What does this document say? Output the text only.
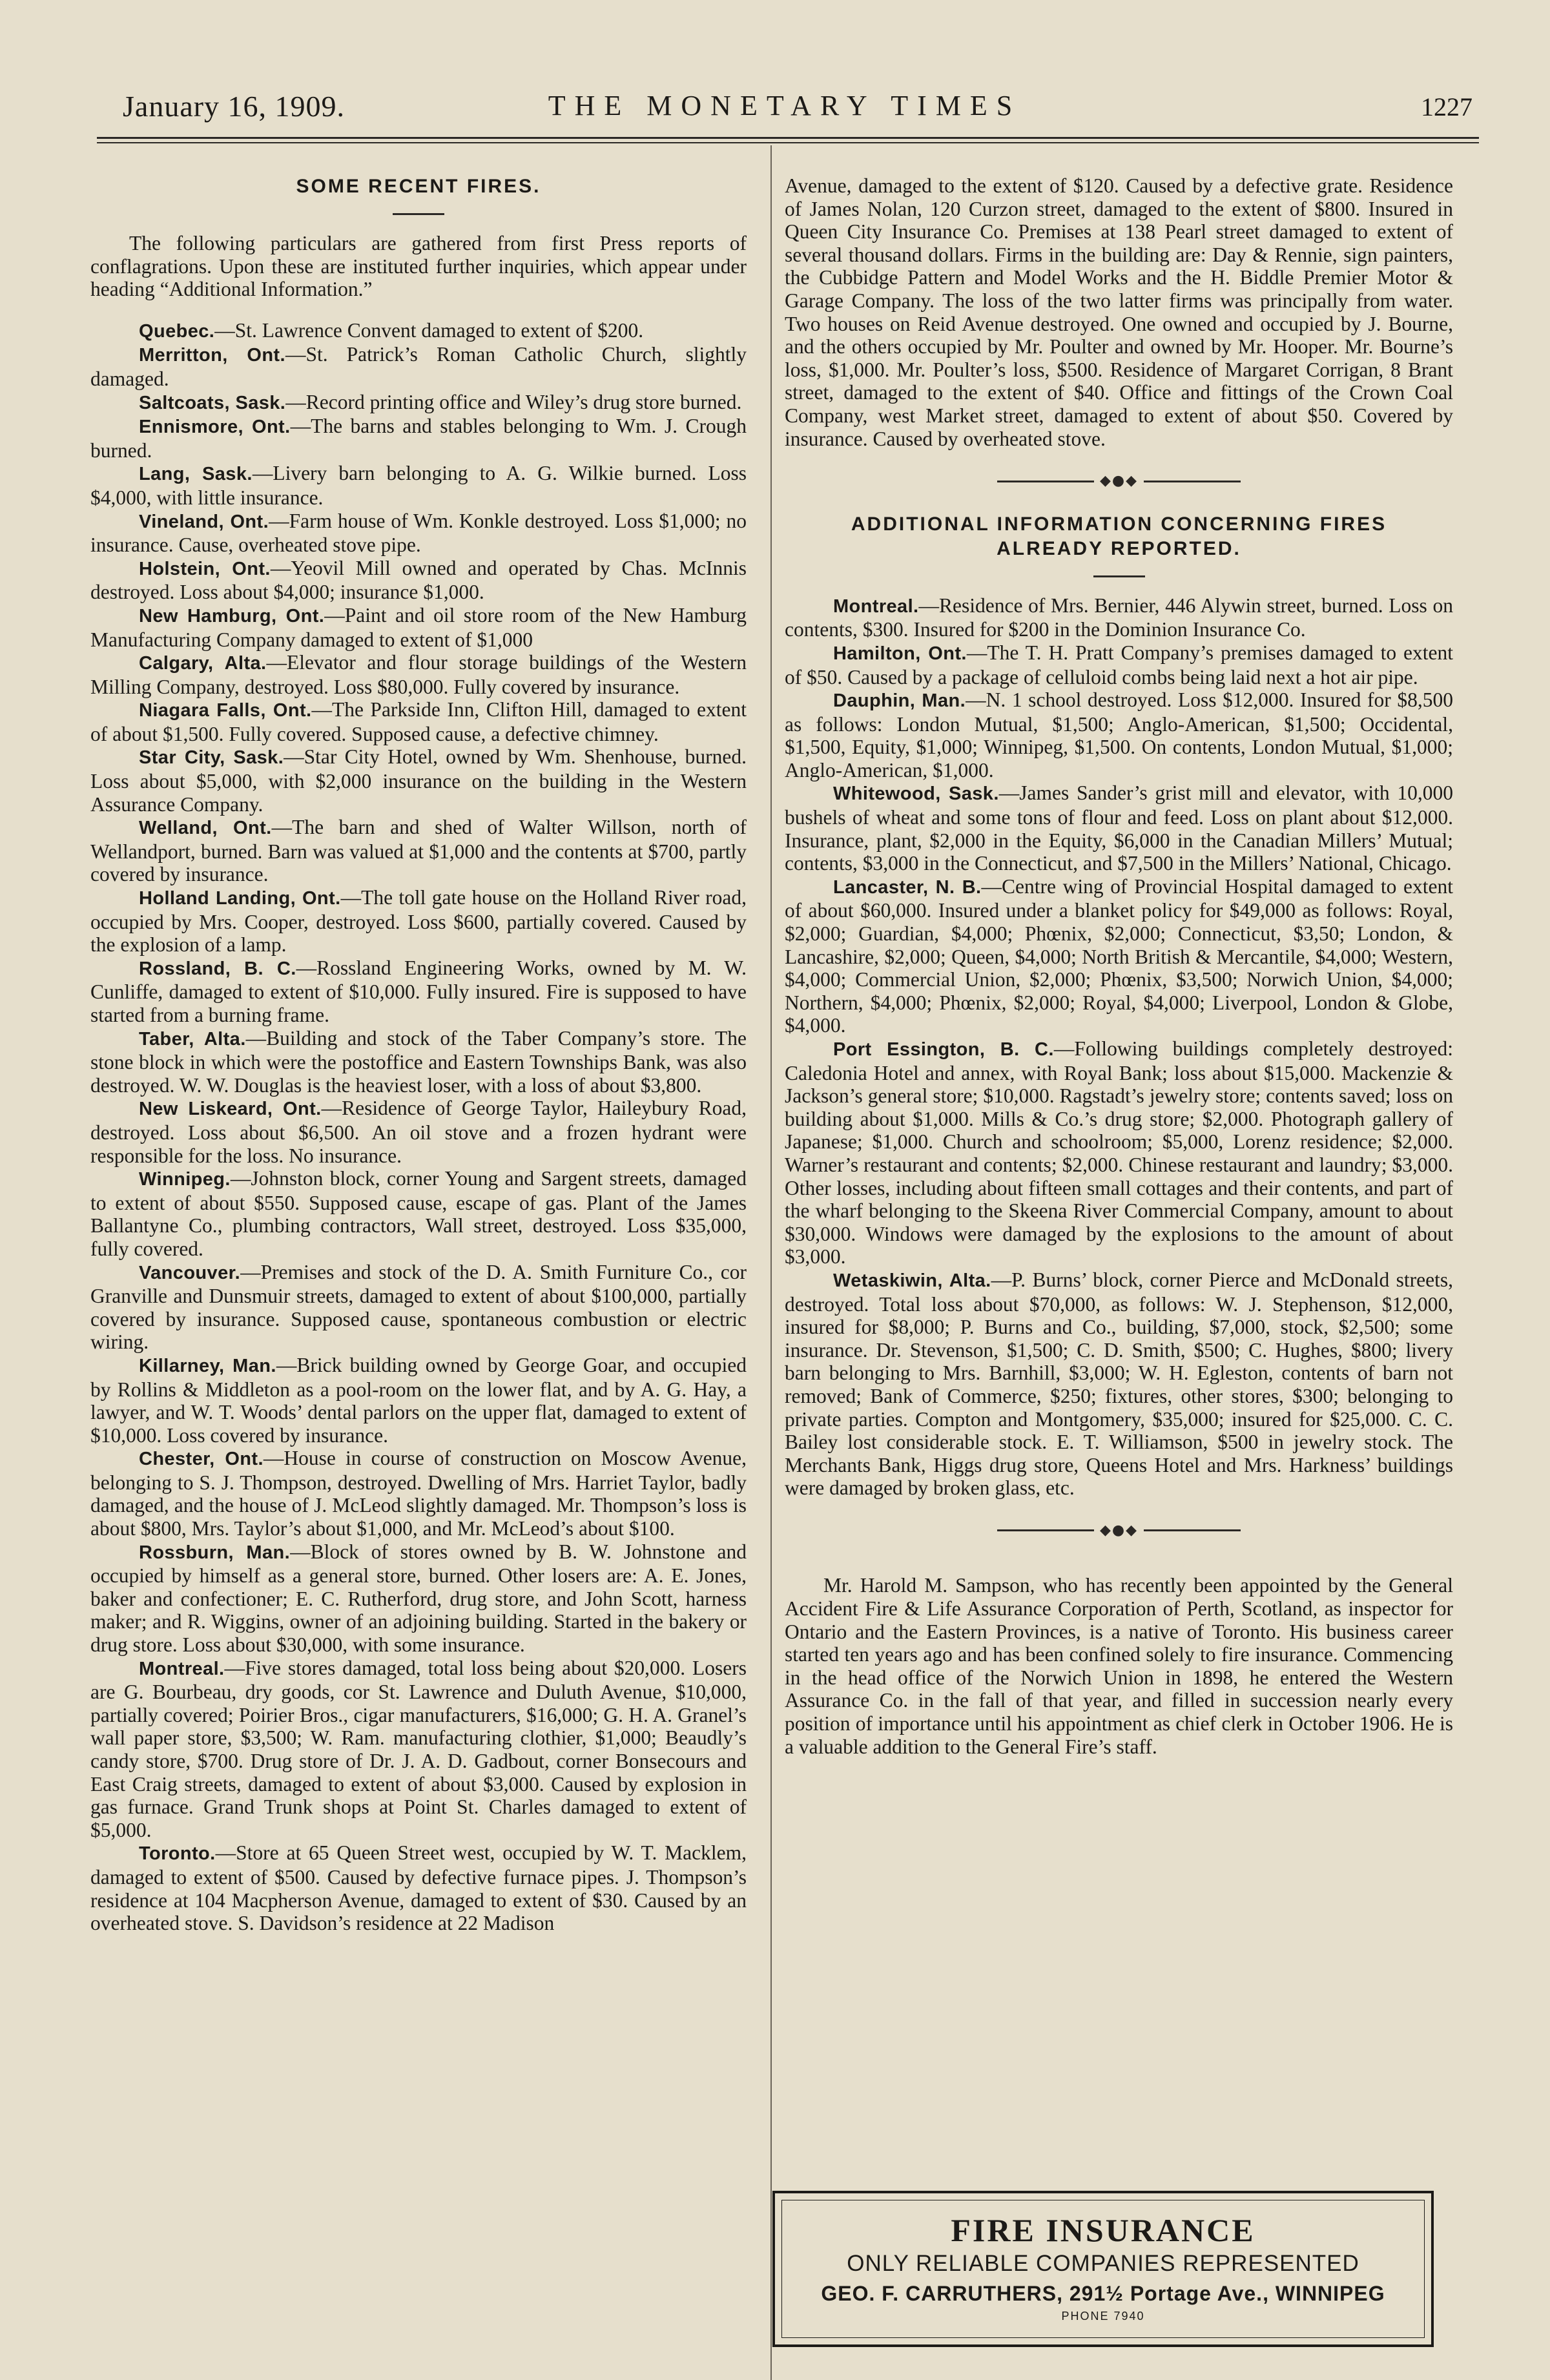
January 16, 1909.	THE MONETARY TIMES	1227

SOME RECENT FIRES.

The following particulars are gathered from first Press reports of conflagrations. Upon these are instituted further inquiries, which appear under heading “Additional Information.”

Quebec.—St. Lawrence Convent damaged to extent of $200.

Merritton, Ont.—St. Patrick’s Roman Catholic Church, slightly damaged.

Saltcoats, Sask.—Record printing office and Wiley’s drug store burned.

Ennismore, Ont.—The barns and stables belonging to Wm. J. Crough burned.

Lang, Sask.—Livery barn belonging to A. G. Wilkie burned. Loss $4,000, with little insurance.

Vineland, Ont.—Farm house of Wm. Konkle destroyed. Loss $1,000; no insurance. Cause, overheated stove pipe.

Holstein, Ont.—Yeovil Mill owned and operated by Chas. McInnis destroyed. Loss about $4,000; insurance $1,000.

New Hamburg, Ont.—Paint and oil store room of the New Hamburg Manufacturing Company damaged to extent of $1,000

Calgary, Alta.—Elevator and flour storage buildings of the Western Milling Company, destroyed. Loss $80,000. Fully covered by insurance.

Niagara Falls, Ont.—The Parkside Inn, Clifton Hill, damaged to extent of about $1,500. Fully covered. Supposed cause, a defective chimney.

Star City, Sask.—Star City Hotel, owned by Wm. Shenhouse, burned. Loss about $5,000, with $2,000 insurance on the building in the Western Assurance Company.

Welland, Ont.—The barn and shed of Walter Willson, north of Wellandport, burned. Barn was valued at $1,000 and the contents at $700, partly covered by insurance.

Holland Landing, Ont.—The toll gate house on the Holland River road, occupied by Mrs. Cooper, destroyed. Loss $600, partially covered. Caused by the explosion of a lamp.

Rossland, B. C.—Rossland Engineering Works, owned by M. W. Cunliffe, damaged to extent of $10,000. Fully insured. Fire is supposed to have started from a burning frame.

Taber, Alta.—Building and stock of the Taber Company’s store. The stone block in which were the postoffice and Eastern Townships Bank, was also destroyed. W. W. Douglas is the heaviest loser, with a loss of about $3,800.

New Liskeard, Ont.—Residence of George Taylor, Haileybury Road, destroyed. Loss about $6,500. An oil stove and a frozen hydrant were responsible for the loss. No insurance.

Winnipeg.—Johnston block, corner Young and Sargent streets, damaged to extent of about $550. Supposed cause, escape of gas. Plant of the James Ballantyne Co., plumbing contractors, Wall street, destroyed. Loss $35,000, fully covered.

Vancouver.—Premises and stock of the D. A. Smith Furniture Co., cor Granville and Dunsmuir streets, damaged to extent of about $100,000, partially covered by insurance. Supposed cause, spontaneous combustion or electric wiring.

Killarney, Man.—Brick building owned by George Goar, and occupied by Rollins & Middleton as a pool-room on the lower flat, and by A. G. Hay, a lawyer, and W. T. Woods’ dental parlors on the upper flat, damaged to extent of $10,000. Loss covered by insurance.

Chester, Ont.—House in course of construction on Moscow Avenue, belonging to S. J. Thompson, destroyed. Dwelling of Mrs. Harriet Taylor, badly damaged, and the house of J. McLeod slightly damaged. Mr. Thompson’s loss is about $800, Mrs. Taylor’s about $1,000, and Mr. McLeod’s about $100.

Rossburn, Man.—Block of stores owned by B. W. Johnstone and occupied by himself as a general store, burned. Other losers are: A. E. Jones, baker and confectioner; E. C. Rutherford, drug store, and John Scott, harness maker; and R. Wiggins, owner of an adjoining building. Started in the bakery or drug store. Loss about $30,000, with some insurance.

Montreal.—Five stores damaged, total loss being about $20,000. Losers are G. Bourbeau, dry goods, cor St. Lawrence and Duluth Avenue, $10,000, partially covered; Poirier Bros., cigar manufacturers, $16,000; G. H. A. Granel’s wall paper store, $3,500; W. Ram. manufacturing clothier, $1,000; Beaudly’s candy store, $700. Drug store of Dr. J. A. D. Gadbout, corner Bonsecours and East Craig streets, damaged to extent of about $3,000. Caused by explosion in gas furnace. Grand Trunk shops at Point St. Charles damaged to extent of $5,000.

Toronto.—Store at 65 Queen Street west, occupied by W. T. Macklem, damaged to extent of $500. Caused by defective furnace pipes. J. Thompson’s residence at 104 Macpherson Avenue, damaged to extent of $30. Caused by an overheated stove. S. Davidson’s residence at 22 Madison

Avenue, damaged to the extent of $120. Caused by a defective grate. Residence of James Nolan, 120 Curzon street, damaged to the extent of $800. Insured in Queen City Insurance Co. Premises at 138 Pearl street damaged to extent of several thousand dollars. Firms in the building are: Day & Rennie, sign painters, the Cubbidge Pattern and Model Works and the H. Biddle Premier Motor & Garage Company. The loss of the two latter firms was principally from water. Two houses on Reid Avenue destroyed. One owned and occupied by J. Bourne, and the others occupied by Mr. Poulter and owned by Mr. Hooper. Mr. Bourne’s loss, $1,000. Mr. Poulter’s loss, $500. Residence of Margaret Corrigan, 8 Brant street, damaged to the extent of $40. Office and fittings of the Crown Coal Company, west Market street, damaged to extent of about $50. Covered by insurance. Caused by overheated stove.

◆●◆

ADDITIONAL INFORMATION CONCERNING FIRES

ALREADY REPORTED.

Montreal.—Residence of Mrs. Bernier, 446 Alywin street, burned. Loss on contents, $300. Insured for $200 in the Dominion Insurance Co.

Hamilton, Ont.—The T. H. Pratt Company’s premises damaged to extent of $50. Caused by a package of celluloid combs being laid next a hot air pipe.

Dauphin, Man.—N. 1 school destroyed. Loss $12,000. Insured for $8,500 as follows: London Mutual, $1,500; Anglo-American, $1,500; Occidental, $1,500, Equity, $1,000; Winnipeg, $1,500. On contents, London Mutual, $1,000; Anglo-American, $1,000.

Whitewood, Sask.—James Sander’s grist mill and elevator, with 10,000 bushels of wheat and some tons of flour and feed. Loss on plant about $12,000. Insurance, plant, $2,000 in the Equity, $6,000 in the Canadian Millers’ Mutual; contents, $3,000 in the Connecticut, and $7,500 in the Millers’ National, Chicago.

Lancaster, N. B.—Centre wing of Provincial Hospital damaged to extent of about $60,000. Insured under a blanket policy for $49,000 as follows: Royal, $2,000; Guardian, $4,000; Phœnix, $2,000; Connecticut, $3,50; London, & Lancashire, $2,000; Queen, $4,000; North British & Mercantile, $4,000; Western, $4,000; Commercial Union, $2,000; Phœnix, $3,500; Norwich Union, $4,000; Northern, $4,000; Phœnix, $2,000; Royal, $4,000; Liverpool, London & Globe, $4,000.

Port Essington, B. C.—Following buildings completely destroyed: Caledonia Hotel and annex, with Royal Bank; loss about $15,000. Mackenzie & Jackson’s general store; $10,000. Ragstadt’s jewelry store; contents saved; loss on building about $1,000. Mills & Co.’s drug store; $2,000. Photograph gallery of Japanese; $1,000. Church and schoolroom; $5,000, Lorenz residence; $2,000. Warner’s restaurant and contents; $2,000. Chinese restaurant and laundry; $3,000. Other losses, including about fifteen small cottages and their contents, and part of the wharf belonging to the Skeena River Commercial Company, amount to about $30,000. Windows were damaged by the explosions to the amount of about $3,000.

Wetaskiwin, Alta.—P. Burns’ block, corner Pierce and McDonald streets, destroyed. Total loss about $70,000, as follows: W. J. Stephenson, $12,000, insured for $8,000; P. Burns and Co., building, $7,000, stock, $2,500; some insurance. Dr. Stevenson, $1,500; C. D. Smith, $500; C. Hughes, $800; livery barn belonging to Mrs. Barnhill, $3,000; W. H. Egleston, contents of barn not removed; Bank of Commerce, $250; fixtures, other stores, $300; belonging to private parties. Compton and Montgomery, $35,000; insured for $25,000. C. C. Bailey lost considerable stock. E. T. Williamson, $500 in jewelry stock. The Merchants Bank, Higgs drug store, Queens Hotel and Mrs. Harkness’ buildings were damaged by broken glass, etc.

◆●◆

Mr. Harold M. Sampson, who has recently been appointed by the General Accident Fire & Life Assurance Corporation of Perth, Scotland, as inspector for Ontario and the Eastern Provinces, is a native of Toronto. His business career started ten years ago and has been confined solely to fire insurance. Commencing in the head office of the Norwich Union in 1898, he entered the Western Assurance Co. in the fall of that year, and filled in succession nearly every position of importance until his appointment as chief clerk in October 1906. He is a valuable addition to the General Fire’s staff.

FIRE INSURANCE
ONLY RELIABLE COMPANIES REPRESENTED
GEO. F. CARRUTHERS, 291½ Portage Ave., WINNIPEG
PHONE 7940
